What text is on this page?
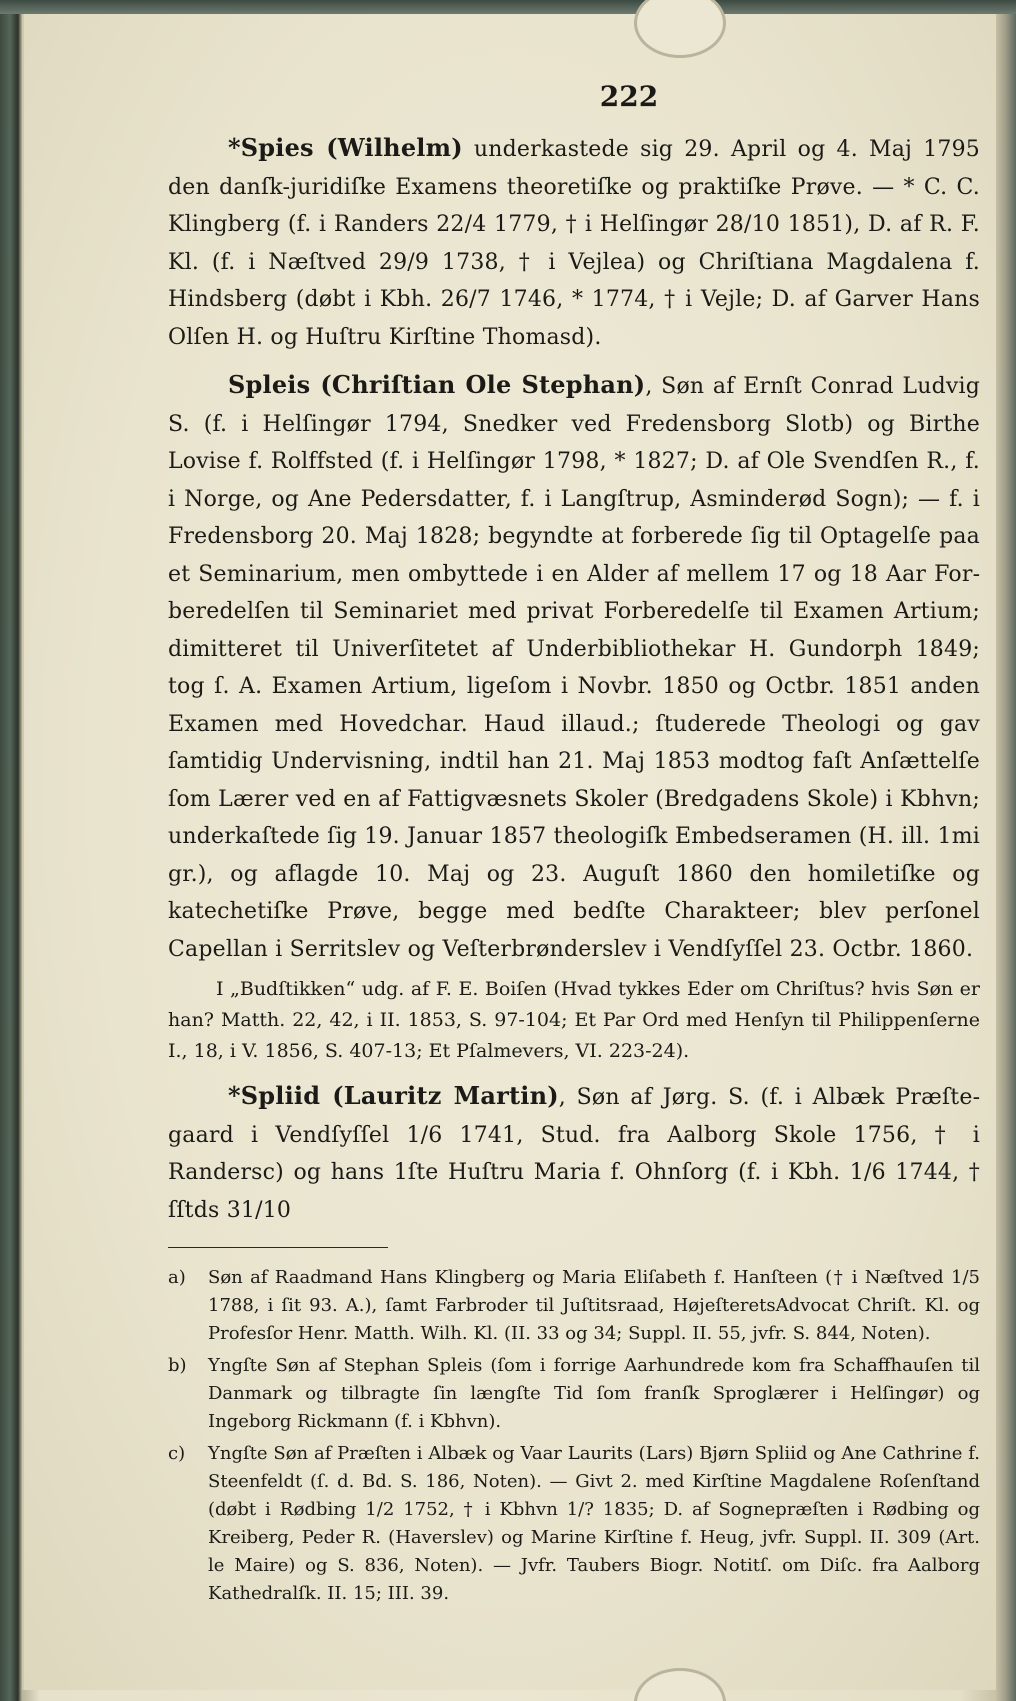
222

*Spies (Wilhelm) underkastede sig 29. April og 4. Maj 1795 den danſk-juridiſke Examens theoretiſke og praktiſke Prøve. — * C. C. Klingberg (f. i Randers 22/4 1779, † i Helſingør 28/10 1851), D. af R. F. Kl. (f. i Næſtved 29/9 1738, † i Vejlea) og Chriſtiana Magdalena f. Hindsberg (døbt i Kbh. 26/7 1746, * 1774, † i Vejle; D. af Garver Hans Olſen H. og Huſtru Kirſtine Thomasd).

Spleis (Chriſtian Ole Stephan), Søn af Ernſt Conrad Ludvig S. (f. i Helſingør 1794, Snedker ved Fredensborg Slotb) og Birthe Lovise f. Rolffsted (f. i Helſingør 1798, * 1827; D. af Ole Svendſen R., f. i Norge, og Ane Pedersdatter, f. i Langſtrup, Asminderød Sogn); — f. i Fredensborg 20. Maj 1828; begyndte at forberede ſig til Optagelſe paa et Seminarium, men ombyttede i en Alder af mellem 17 og 18 Aar Forberedelſen til Seminariet med privat Forberedelſe til Examen Artium; dimitteret til Univerſitetet af Underbibliothekar H. Gundorph 1849; tog ſ. A. Examen Artium, ligeſom i Novbr. 1850 og Octbr. 1851 anden Examen med Hovedchar. Haud illaud.; ſtuderede Theologi og gav ſamtidig Undervisning, indtil han 21. Maj 1853 modtog faſt Anſættelſe ſom Lærer ved en af Fattigvæsnets Skoler (Bredgadens Skole) i Kbhvn; underkaſtede ſig 19. Januar 1857 theologiſk Embedseramen (H. ill. 1mi gr.), og aflagde 10. Maj og 23. Auguſt 1860 den homiletiſke og katechetiſke Prøve, begge med bedſte Charakteer; blev perſonel Capellan i Serritslev og Veſterbrønderslev i Vendſyſſel 23. Octbr. 1860.

I „Budſtikken“ udg. af F. E. Boiſen (Hvad tykkes Eder om Chriſtus? hvis Søn er han? Matth. 22, 42, i II. 1853, S. 97-104; Et Par Ord med Henſyn til Philippenſerne I., 18, i V. 1856, S. 407-13; Et Pſalmevers, VI. 223-24).

*Spliid (Lauritz Martin), Søn af Jørg. S. (f. i Albæk Præſtegaard i Vendſyſſel 1/6 1741, Stud. fra Aalborg Skole 1756, † i Randersc) og hans 1ſte Huſtru Maria f. Ohnſorg (f. i Kbh. 1/6 1744, † ſſtds 31/10

a)	Søn af Raadmand Hans Klingberg og Maria Eliſabeth f. Hanſteen († i Næſtved 1/5 1788, i ſit 93. A.), ſamt Farbroder til Juſtitsraad, HøjeſteretsAdvocat Chriſt. Kl. og Profesſor Henr. Matth. Wilh. Kl. (II. 33 og 34; Suppl. II. 55, jvfr. S. 844, Noten).
b)	Yngſte Søn af Stephan Spleis (ſom i forrige Aarhundrede kom fra Schaffhauſen til Danmark og tilbragte ſin længſte Tid ſom franſk Sproglærer i Helſingør) og Ingeborg Rickmann (f. i Kbhvn).
c)	Yngſte Søn af Præſten i Albæk og Vaar Laurits (Lars) Bjørn Spliid og Ane Cathrine f. Steenfeldt (ſ. d. Bd. S. 186, Noten). — Givt 2. med Kirſtine Magdalene Roſenſtand (døbt i Rødbing 1/2 1752, † i Kbhvn 1/? 1835; D. af Sognepræſten i Rødbing og Kreiberg, Peder R. (Haverslev) og Marine Kirſtine f. Heug, jvfr. Suppl. II. 309 (Art. le Maire) og S. 836, Noten). — Jvfr. Taubers Biogr. Notitſ. om Diſc. fra Aalborg Kathedralſk. II. 15; III. 39.
